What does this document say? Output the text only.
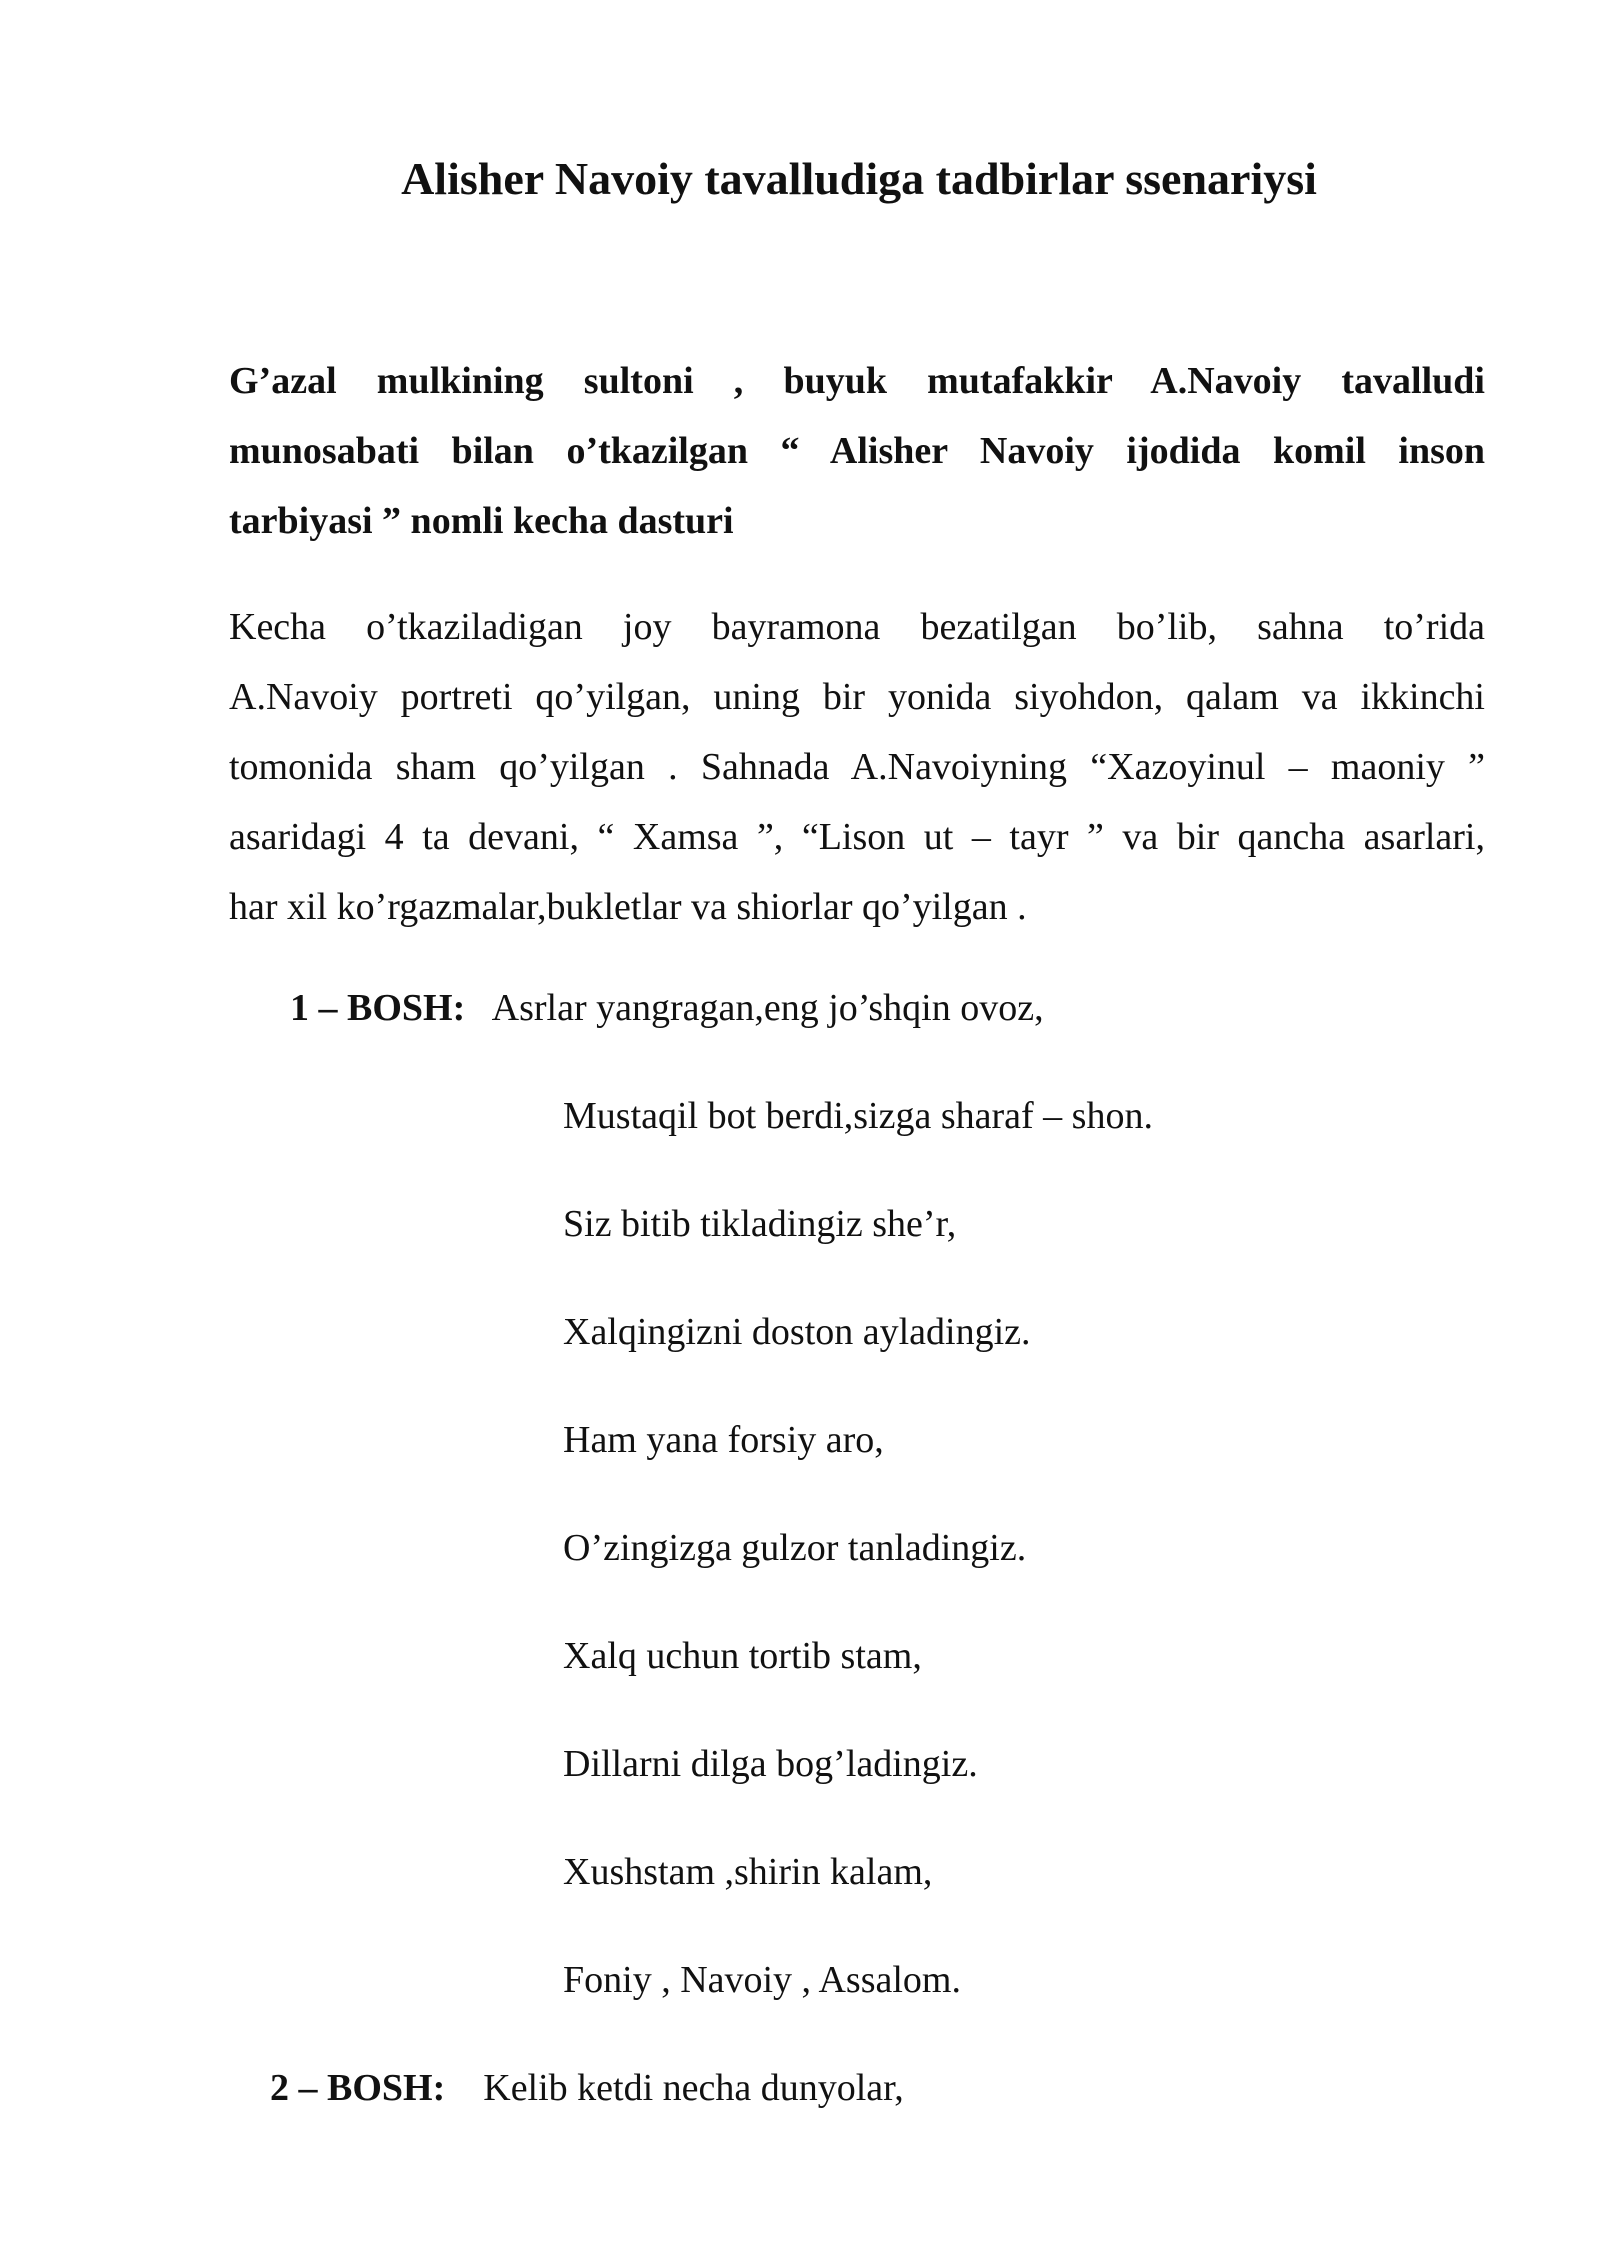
Alisher Navoiy tavalludiga tadbirlar ssenariysi
G’azal mulkining sultoni , buyuk mutafakkir A.Navoiy tavalludi
munosabati bilan o’tkazilgan “ Alisher Navoiy ijodida komil inson
tarbiyasi ” nomli kecha dasturi
Kecha o’tkaziladigan joy bayramona bezatilgan bo’lib, sahna to’rida
A.Navoiy portreti qo’yilgan, uning bir yonida siyohdon, qalam va ikkinchi
tomonida sham qo’yilgan . Sahnada A.Navoiyning “Xazoyinul – maoniy ”
asaridagi 4 ta devani, “ Xamsa ”, “Lison ut – tayr ” va bir qancha asarlari,
har xil ko’rgazmalar,bukletlar va shiorlar qo’yilgan .
1 – BOSH: Asrlar yangragan,eng jo’shqin ovoz,
Mustaqil bot berdi,sizga sharaf – shon.
Siz bitib tikladingiz she’r,
Xalqingizni doston ayladingiz.
Ham yana forsiy aro,
O’zingizga gulzor tanladingiz.
Xalq uchun tortib stam,
Dillarni dilga bog’ladingiz.
Xushstam ,shirin kalam,
Foniy , Navoiy , Assalom.
2 – BOSH: Kelib ketdi necha dunyolar,
